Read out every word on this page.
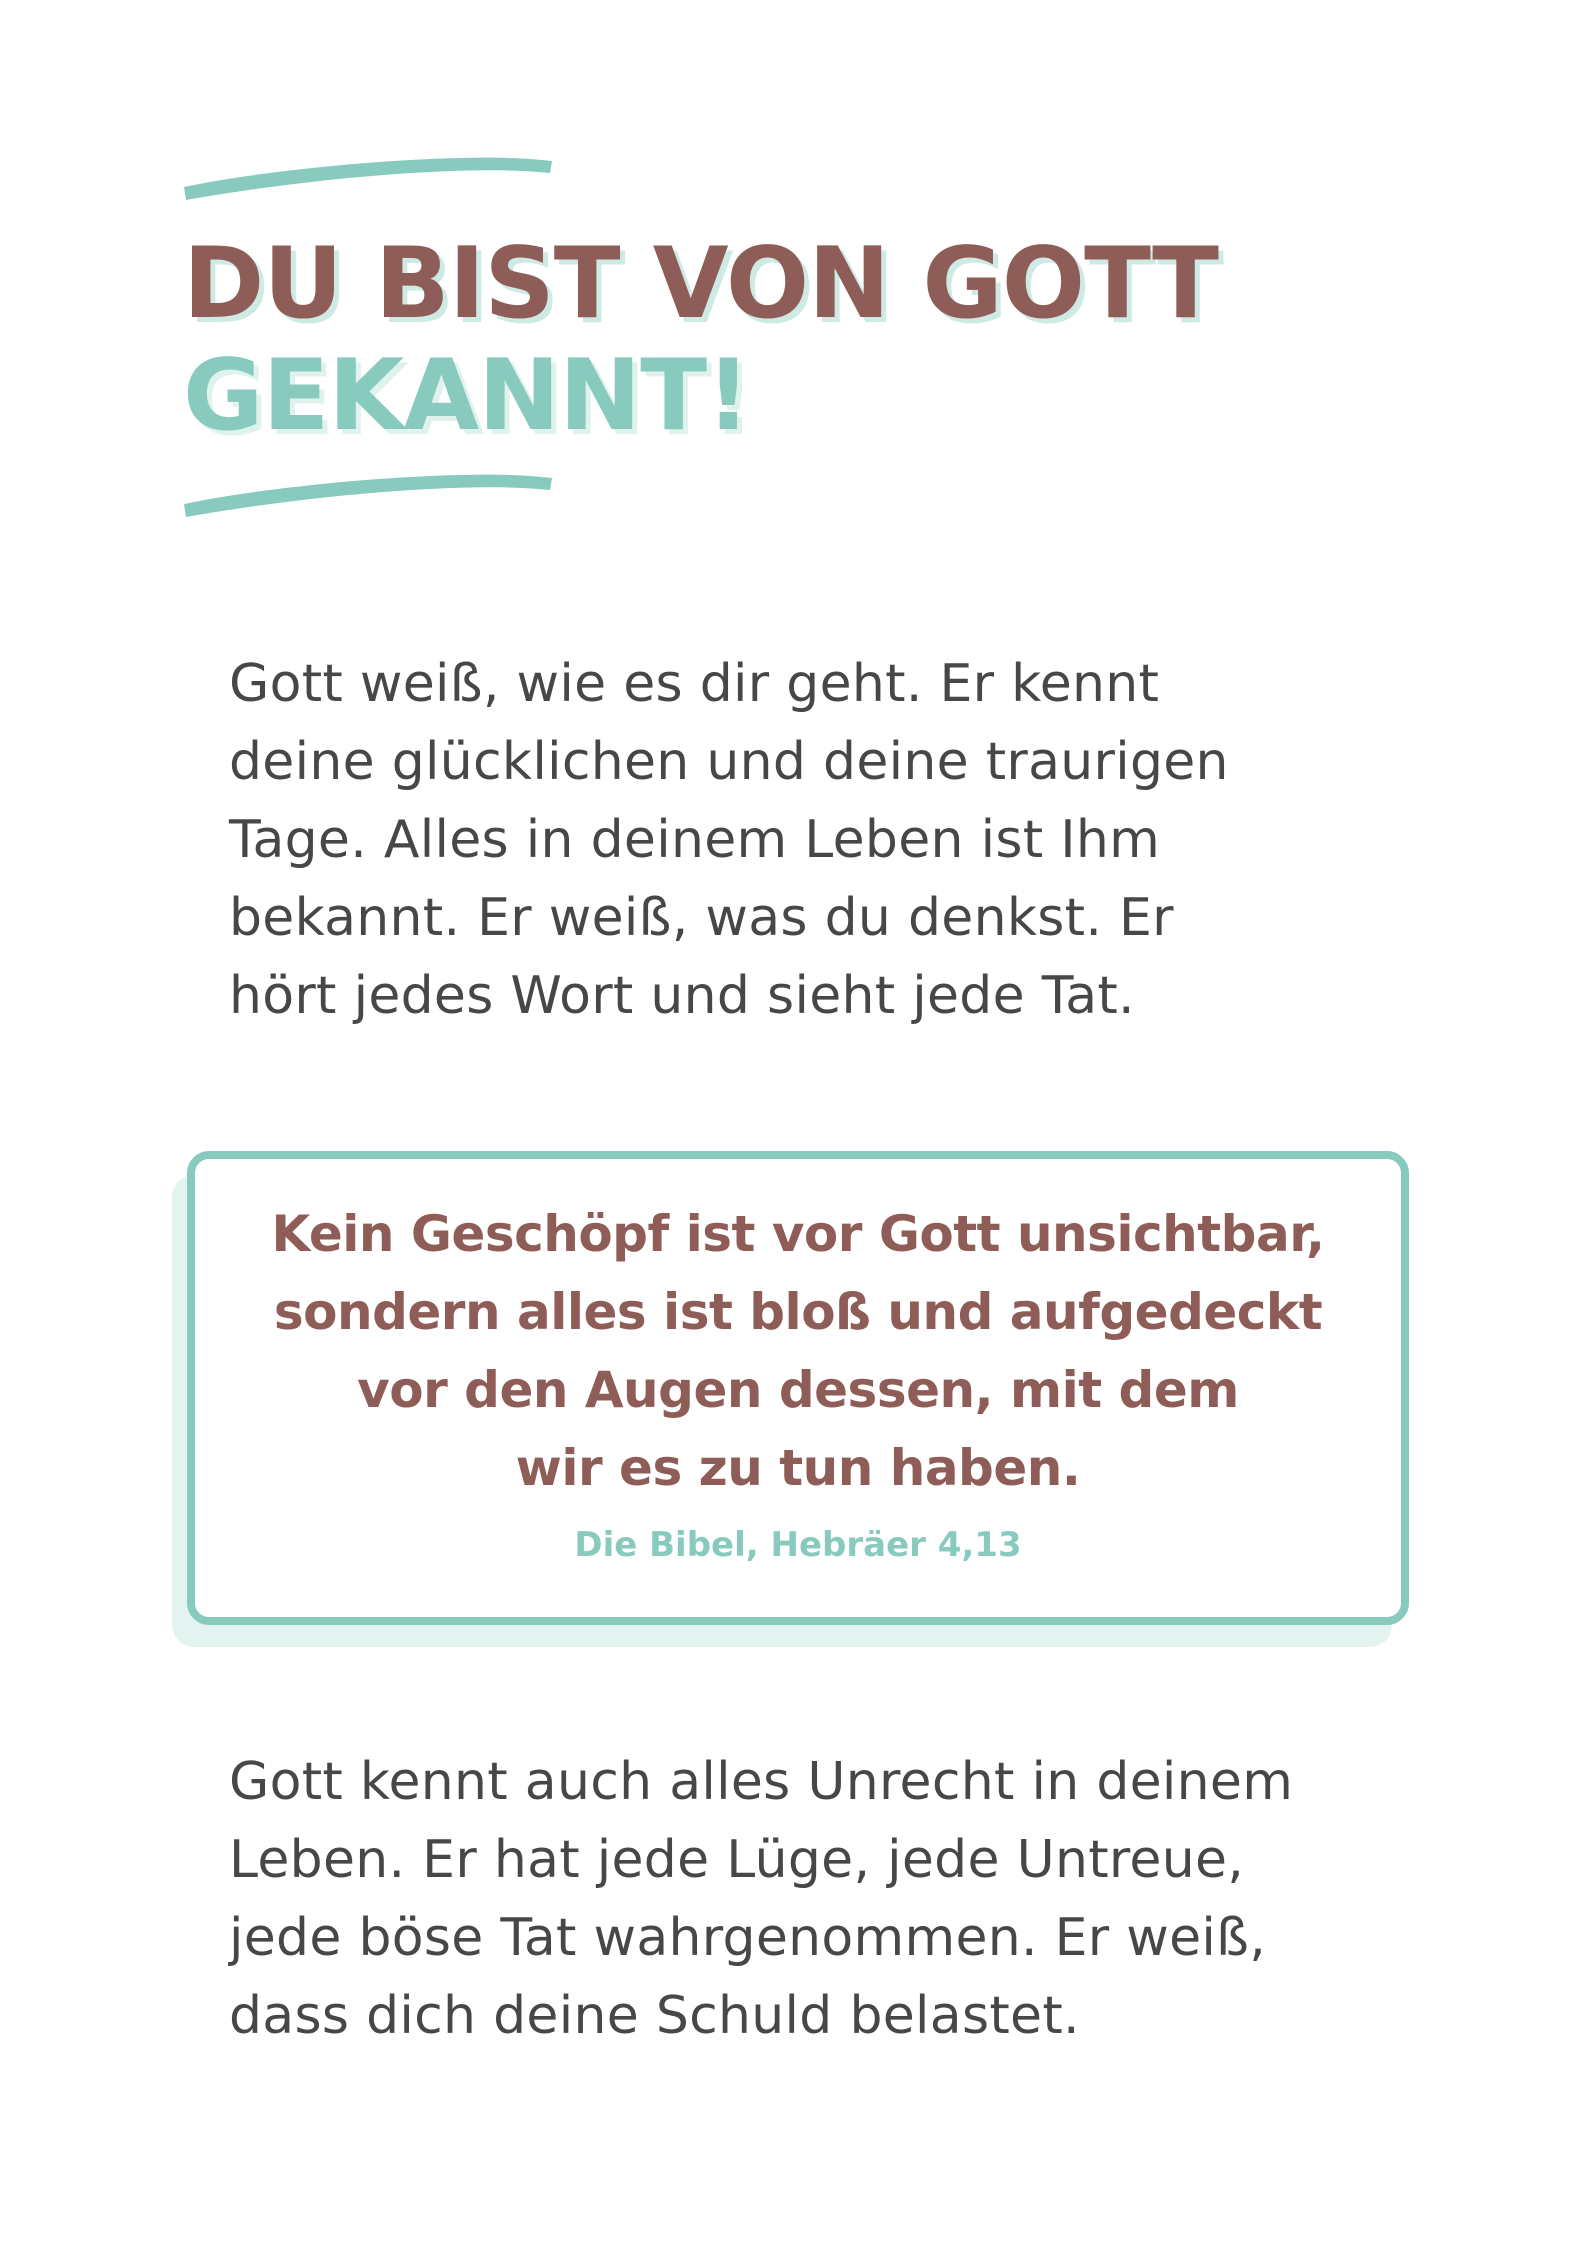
DU BIST VON GOTT
GEKANNT!

Gott weiß, wie es dir geht. Er kennt
deine glücklichen und deine traurigen
Tage. Alles in deinem Leben ist Ihm
bekannt. Er weiß, was du denkst. Er
hört jedes Wort und sieht jede Tat.

Kein Geschöpf ist vor Gott unsichtbar,
sondern alles ist bloß und aufgedeckt
vor den Augen dessen, mit dem
wir es zu tun haben.
Die Bibel, Hebräer 4,13

Gott kennt auch alles Unrecht in deinem
Leben. Er hat jede Lüge, jede Untreue,
jede böse Tat wahrgenommen. Er weiß,
dass dich deine Schuld belastet.
